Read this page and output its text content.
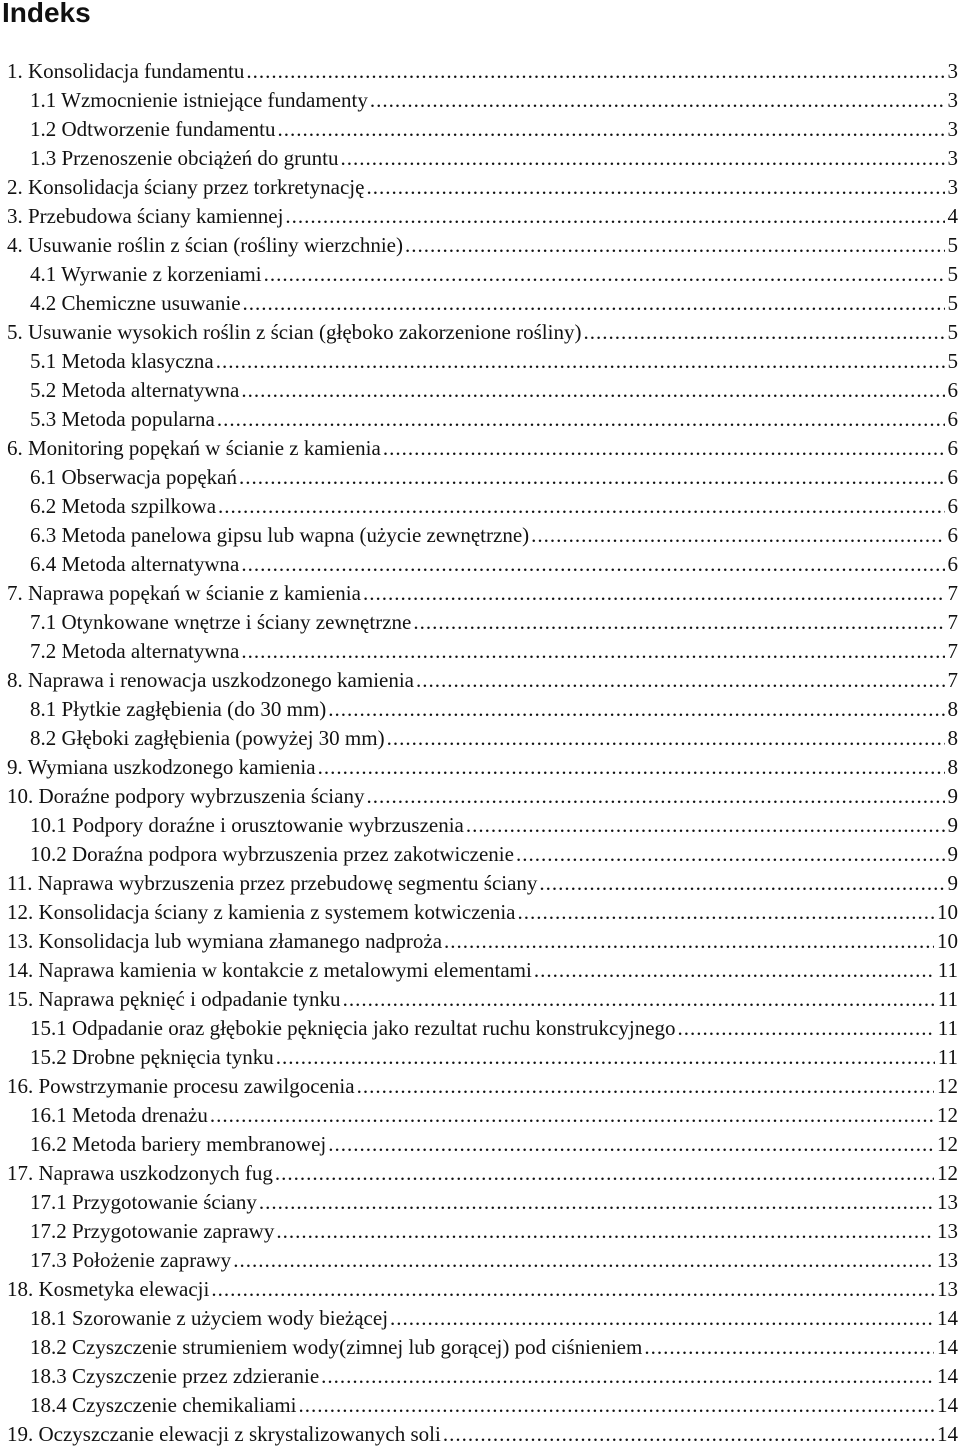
Indeks
1. Konsolidacja fundamentu .....	3
1.1 Wzmocnienie istniejące fundamenty .....	3
1.2 Odtworzenie fundamentu .....	3
1.3 Przenoszenie obciążeń do gruntu .....	3
2. Konsolidacja ściany przez torkretynację .....	3
3. Przebudowa ściany kamiennej .....	4
4. Usuwanie roślin z ścian (rośliny wierzchnie) .....	5
4.1 Wyrwanie z korzeniami .....	5
4.2 Chemiczne usuwanie .....	5
5. Usuwanie wysokich roślin z ścian (głęboko zakorzenione rośliny) .....	5
5.1 Metoda klasyczna .....	5
5.2 Metoda alternatywna .....	6
5.3 Metoda popularna .....	6
6. Monitoring popękań w ścianie z kamienia .....	6
6.1 Obserwacja popękań .....	6
6.2 Metoda szpilkowa .....	6
6.3 Metoda panelowa gipsu lub wapna (użycie zewnętrzne) .....	6
6.4 Metoda alternatywna .....	6
7. Naprawa popękań w ścianie z kamienia .....	7
7.1 Otynkowane wnętrze i ściany zewnętrzne .....	7
7.2 Metoda alternatywna .....	7
8. Naprawa i renowacja uszkodzonego kamienia .....	7
8.1 Płytkie zagłębienia (do 30 mm) .....	8
8.2 Głęboki zagłębienia (powyżej 30 mm) .....	8
9. Wymiana uszkodzonego kamienia .....	8
10. Doraźne podpory wybrzuszenia ściany .....	9
10.1 Podpory doraźne i orusztowanie wybrzuszenia .....	9
10.2 Doraźna podpora wybrzuszenia przez zakotwiczenie .....	9
11. Naprawa wybrzuszenia przez przebudowę segmentu ściany .....	9
12. Konsolidacja ściany z kamienia z systemem kotwiczenia .....	10
13. Konsolidacja lub wymiana złamanego nadproża .....	10
14. Naprawa kamienia w kontakcie z metalowymi elementami .....	11
15. Naprawa pęknięć i odpadanie tynku .....	11
15.1 Odpadanie oraz głębokie pęknięcia jako rezultat ruchu konstrukcyjnego .....	11
15.2 Drobne pęknięcia tynku .....	11
16. Powstrzymanie procesu zawilgocenia .....	12
16.1 Metoda drenażu .....	12
16.2 Metoda bariery membranowej .....	12
17. Naprawa uszkodzonych fug .....	12
17.1 Przygotowanie ściany .....	13
17.2 Przygotowanie zaprawy .....	13
17.3 Położenie zaprawy .....	13
18. Kosmetyka elewacji .....	13
18.1 Szorowanie z użyciem wody bieżącej .....	14
18.2 Czyszczenie strumieniem wody(zimnej lub gorącej) pod ciśnieniem .....	14
18.3 Czyszczenie przez zdzieranie .....	14
18.4 Czyszczenie chemikaliami .....	14
19. Oczyszczanie elewacji z skrystalizowanych soli .....	14
